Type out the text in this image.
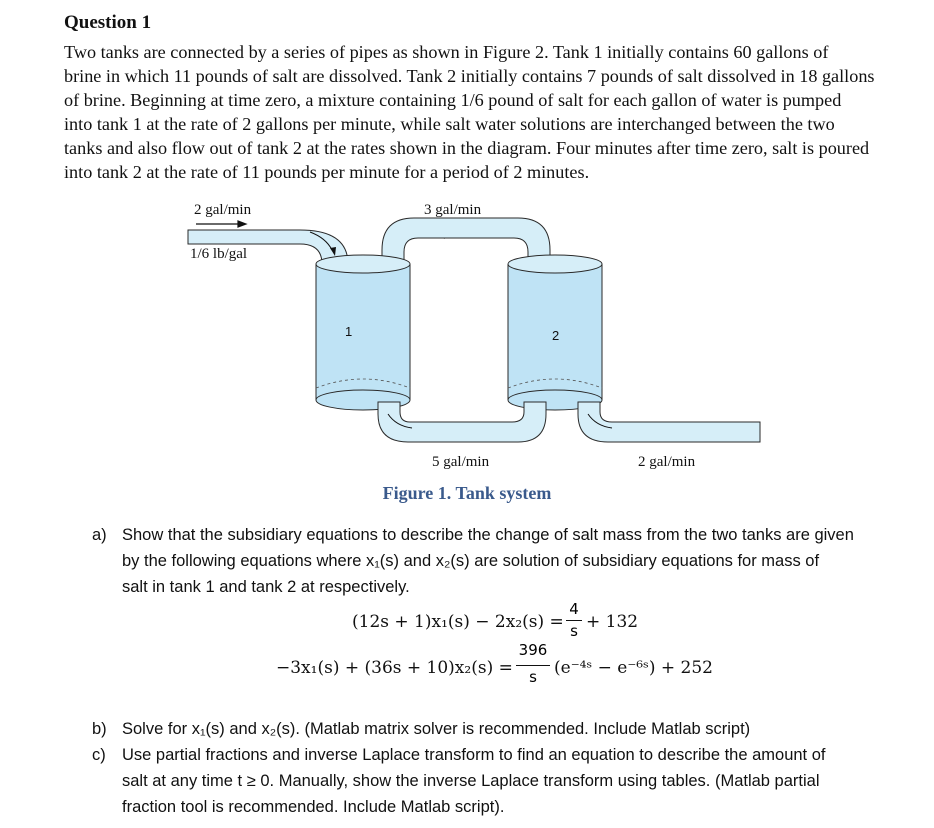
Question 1
Two tanks are connected by a series of pipes as shown in Figure 2. Tank 1 initially contains 60 gallons of
brine in which 11 pounds of salt are dissolved. Tank 2 initially contains 7 pounds of salt dissolved in 18 gallons
of brine. Beginning at time zero, a mixture containing 1/6 pound of salt for each gallon of water is pumped
into tank 1 at the rate of 2 gallons per minute, while salt water solutions are interchanged between the two
tanks and also flow out of tank 2 at the rates shown in the diagram. Four minutes after time zero, salt is poured
into tank 2 at the rate of 11 pounds per minute for a period of 2 minutes.
2 gal/min	3 gal/min
1/6 lb/gal
5 gal/min	2 gal/min
1	2
Figure 1. Tank system
a) Show that the subsidiary equations to describe the change of salt mass from the two tanks are given
by the following equations where x₁(s) and x₂(s) are solution of subsidiary equations for mass of
salt in tank 1 and tank 2 at respectively.
(12s + 1)x₁(s) − 2x₂(s) =
4
s + 132
−3x₁(s) + (36s + 10)x₂(s) =
396
s	(e⁻⁴ˢ − e⁻⁶ˢ) + 252
b) Solve for x₁(s) and x₂(s). (Matlab matrix solver is recommended. Include Matlab script)
c) Use partial fractions and inverse Laplace transform to find an equation to describe the amount of
salt at any time t ≥ 0. Manually, show the inverse Laplace transform using tables. (Matlab partial
fraction tool is recommended. Include Matlab script).
